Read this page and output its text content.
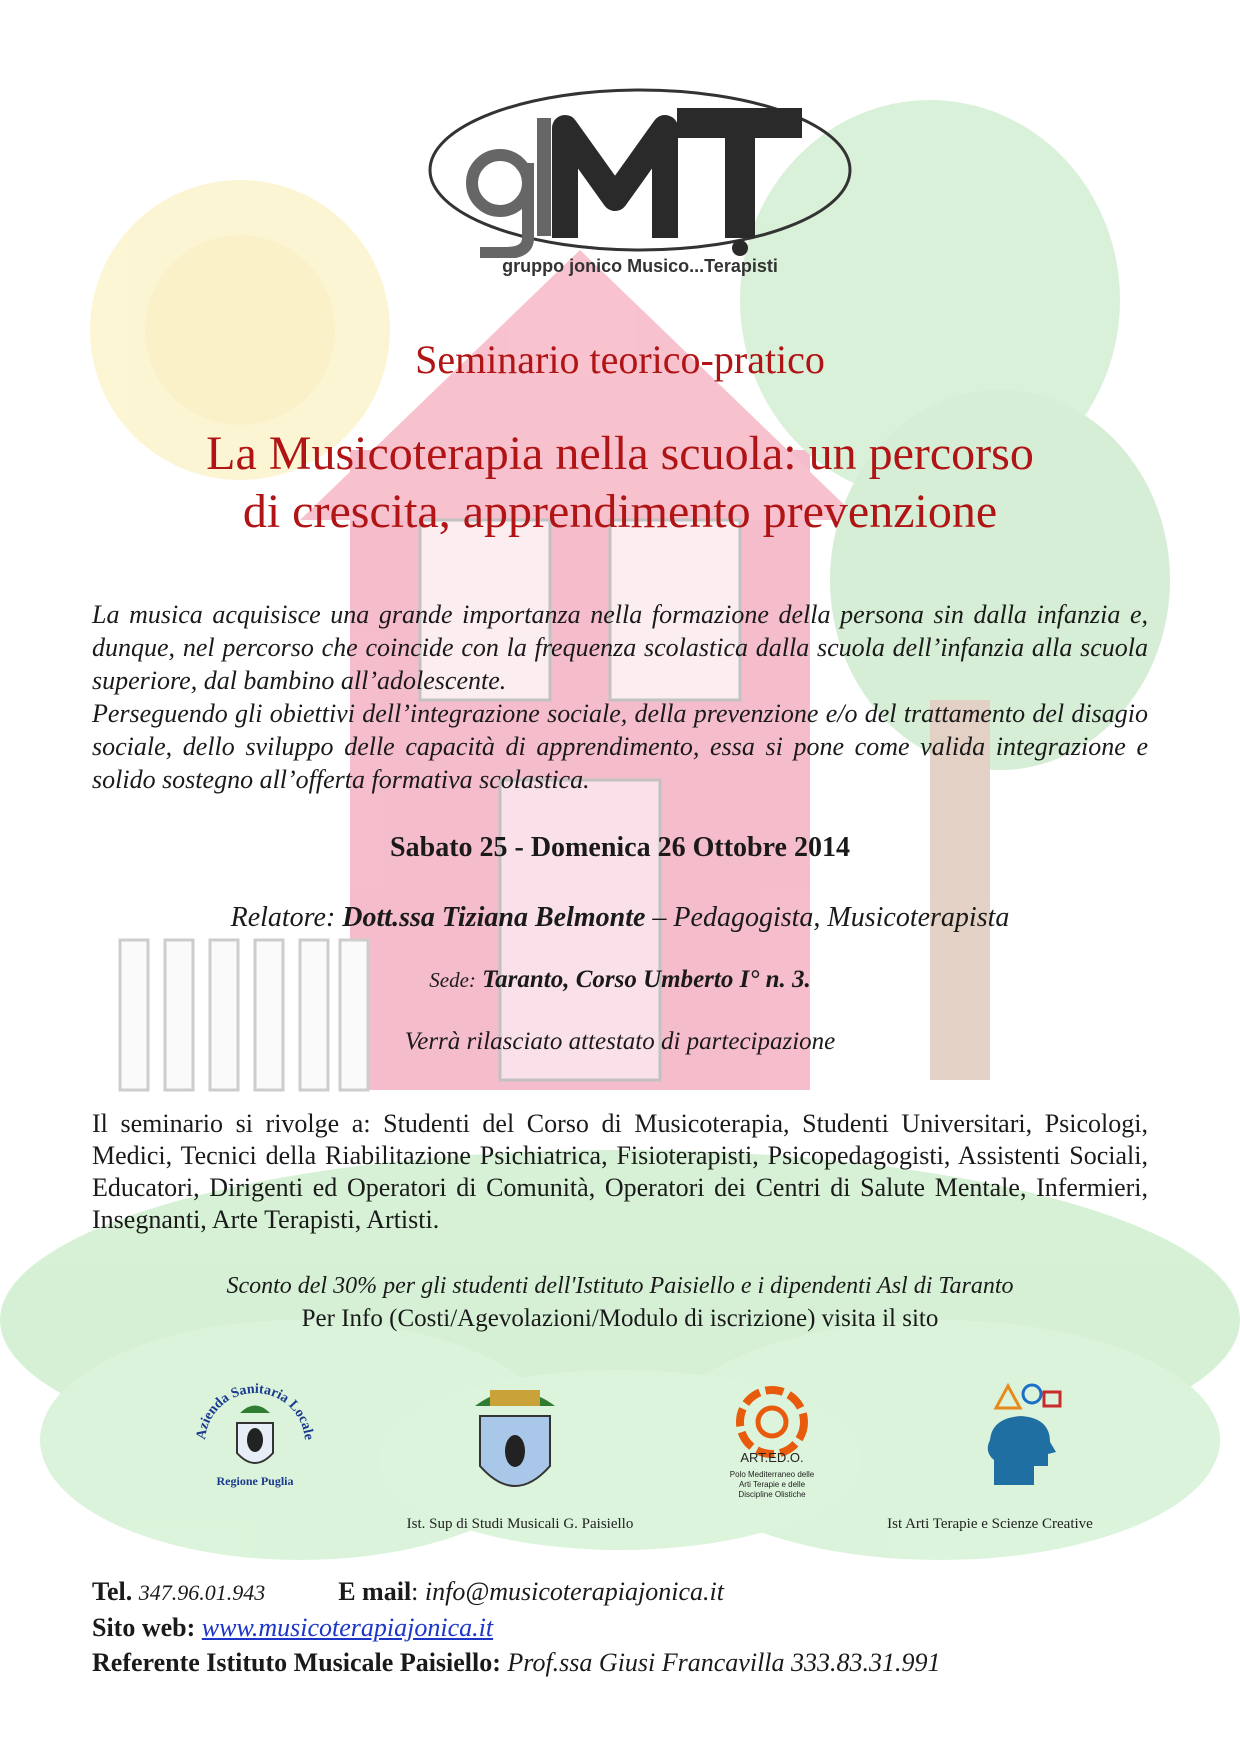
gruppo jonico Musico...Terapisti
Seminario teorico-pratico
La Musicoterapia nella scuola: un percorso
di crescita, apprendimento prevenzione

La musica acquisisce una grande importanza nella formazione della persona sin dalla infanzia e, dunque, nel percorso che coincide con la frequenza scolastica dalla scuola dell’infanzia alla scuola superiore, dal bambino all’adolescente.

Perseguendo gli obiettivi dell’integrazione sociale, della prevenzione e/o del trattamento del disagio sociale, dello sviluppo delle capacità di apprendimento, essa si pone come valida integrazione e solido sostegno all’offerta formativa scolastica.

Sabato 25 - Domenica 26 Ottobre 2014
Relatore: Dott.ssa Tiziana Belmonte – Pedagogista, Musicoterapista
Sede: Taranto, Corso Umberto I° n. 3.
Verrà rilasciato attestato di partecipazione
Il seminario si rivolge a: Studenti del Corso di Musicoterapia, Studenti Universitari, Psicologi, Medici, Tecnici della Riabilitazione Psichiatrica, Fisioterapisti, Psicopedagogisti, Assistenti Sociali, Educatori, Dirigenti ed Operatori di Comunità, Operatori dei Centri di Salute Mentale, Infermieri, Insegnanti, Arte Terapisti, Artisti.
Sconto del 30% per gli studenti dell'Istituto Paisiello e i dipendenti Asl di Taranto
Per Info (Costi/Agevolazioni/Modulo di iscrizione) visita il sito
Azienda Sanitaria Locale
Regione Puglia
Ist. Sup di Studi Musicali G. Paisiello
ART.ED.O.
Polo Mediterraneo delle
Arti Terapie e delle
Discipline Olistiche
Ist Arti Terapie e Scienze Creative
Tel. 347.96.01.943	E mail: info@musicoterapiajonica.it
Sito web: www.musicoterapiajonica.it
Referente Istituto Musicale Paisiello: Prof.ssa Giusi Francavilla 333.83.31.991
